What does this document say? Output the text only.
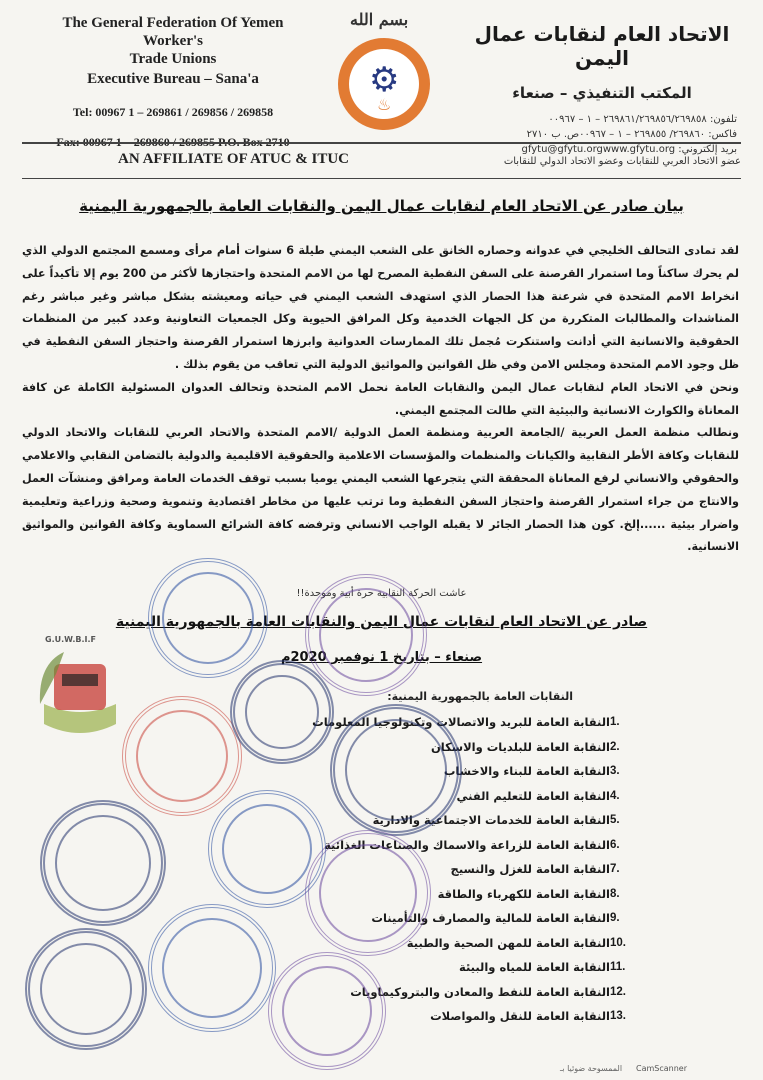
The General Federation Of Yemen Worker's
Trade Unions
Executive Bureau – Sana'a
Tel: 00967 1 – 269861 / 269856 / 269858
بسم الله
⚙
♨
الاتحاد العام لنقابات عمال اليمن
المكتب التنفيذي – صنعاء
تلفون: ٢٦٩٨٦١/٢٦٩٨٥٦/٢٦٩٨٥٨ – ١ – ٠٠٩٦٧
فاكس: ٢٦٩٨٦٠/ ٢٦٩٨٥٥ – ١ – ٠٠٩٦٧ص. ب ٢٧١٠
بريد إلكتروني: gfytu@gfytu.orgwww.gfytu.org
AN AFFILIATE OF ATUC & ITUC	عضو الاتحاد العربي للنقابات وعضو الاتحاد الدولي للنقابات
بيان صادر عن الاتحاد العام لنقابات عمال اليمن والنقابات العامة بالجمهورية اليمنية

لقد تمادى التحالف الخليجي في عدوانه وحصاره الخانق على الشعب اليمني طيلة 6 سنوات أمام مرأى ومسمع المجتمع الدولي الذي لم يحرك ساكناً وما استمرار القرصنة على السفن النفطية المصرح لها من الامم المتحدة واحتجازها لأكثر من 200 يوم إلا تأكيداً على انخراط الامم المتحدة في شرعنة هذا الحصار الذي استهدف الشعب اليمني في حياته ومعيشته بشكل مباشر وغير مباشر رغم المناشدات والمطالبات المتكررة من كل الجهات الخدمية وكل المرافق الحيوية وكل الجمعيات التعاونية وعدد كبير من المنظمات الحقوقية والانسانية التي أدانت واستنكرت مُجمل تلك الممارسات العدوانية وابرزها استمرار القرصنة واحتجاز السفن النفطية في ظل وجود الامم المتحدة ومجلس الامن وفي ظل القوانين والمواثيق الدولية التي تعاقب من يقوم بذلك .

ونحن في الاتحاد العام لنقابات عمال اليمن والنقابات العامة نحمل الامم المتحدة وتحالف العدوان المسئولية الكاملة عن كافة المعاناة والكوارث الانسانية والبيئية التي طالت المجتمع اليمني.

ونطالب منظمة العمل العربية /الجامعة العربية ومنظمة العمل الدولية /الامم المتحدة والاتحاد العربي للنقابات والاتحاد الدولي للنقابات وكافة الأطر النقابية والكيانات والمنظمات والمؤسسات الاعلامية والحقوقية الاقليمية والدولية بالتضامن النقابي والاعلامي والحقوقي والانساني لرفع المعاناة المحققة التي يتجرعها الشعب اليمني يوميا بسبب توقف الخدمات العامة ومرافق ومنشآت العمل والانتاج من جراء استمرار القرصنة واحتجاز السفن النفطية وما ترتب عليها من مخاطر اقتصادية وتنموية وصحية وزراعية وتعليمية واضرار بيئية ......إلخ. كون هذا الحصار الجائر لا يقبله الواجب الانساني وترفضه كافة الشرائع السماوية وكافة القوانين والمواثيق الانسانية.

عاشت الحركة النقابية حرة أبية وموحدة!!
صادر عن الاتحاد العام لنقابات عمال اليمن والنقابات العامة بالجمهورية اليمنية
صنعاء – بتاريخ 1 نوفمبر 2020م
النقابات العامة بالجمهورية اليمنية:
1.
النقابة العامة للبريد والاتصالات وتكنولوجيا المعلومات
2.
النقابة العامة للبلديات والاسكان
3.
النقابة العامة للبناء والاخشاب
4.
النقابة العامة للتعليم الفني
5.
النقابة العامة للخدمات الاجتماعية والادارية
6.
النقابة العامة للزراعة والاسماك والصناعات الغذائية
7.
النقابة العامة للغزل والنسيج
8.
النقابة العامة للكهرباء والطاقة
9.
النقابة العامة للمالية والمصارف والتأمينات
10.
النقابة العامة للمهن الصحية والطبية
11.
النقابة العامة للمياه والبيئة
12.
النقابة العامة للنفط والمعادن والبتروكيماويات
13.
النقابة العامة للنقل والمواصلات
G.U.W.B.I.F
الممسوحة ضوئيا بـ CamScanner
